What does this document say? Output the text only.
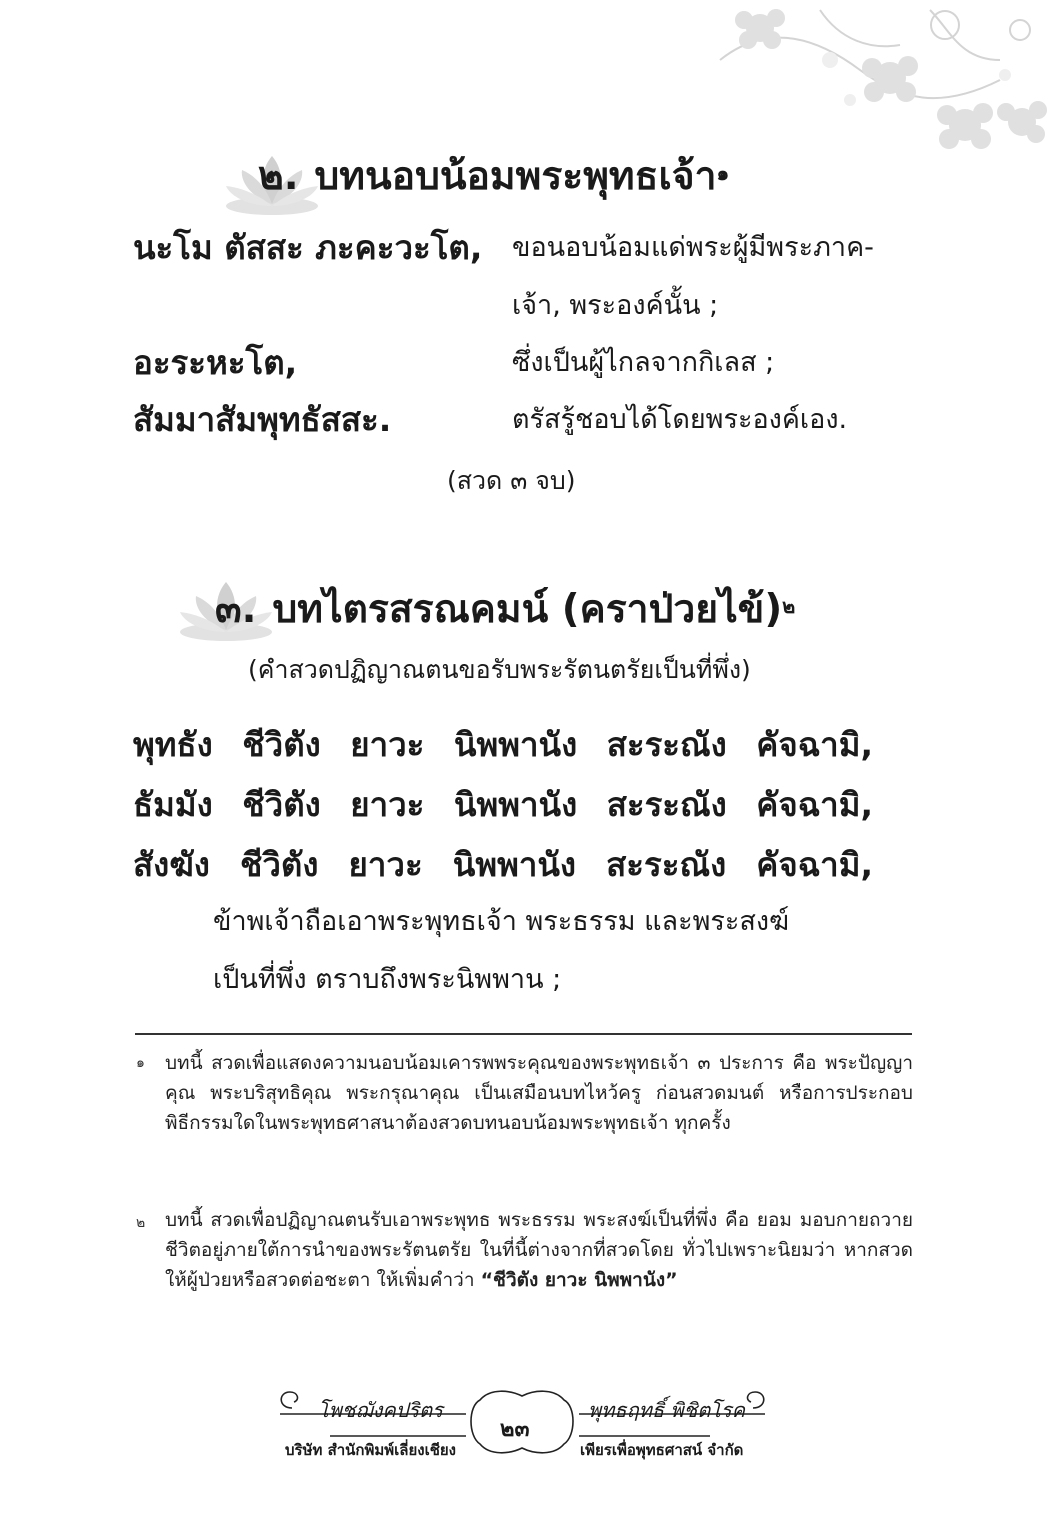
๒. บทนอบน้อมพระพุทธเจ้า$^๑$
นะโม ตัสสะ ภะคะวะโต, ขอนอบน้อมแด่พระผู้มีพระภาค-
เจ้า, พระองค์นั้น ;
อะระหะโต,	ซึ่งเป็นผู้ไกลจากกิเลส ;
สัมมาสัมพุทธัสสะ.	ตรัสรู้ชอบได้โดยพระองค์เอง.
(สวด ๓ จบ)
๓. บทไตรสรณคมน์ (คราป่วยไข้)$^๒$
(คำสวดปฏิญาณตนขอรับพระรัตนตรัยเป็นที่พึ่ง)
พุทธัง ชีวิตัง ยาวะ นิพพานัง สะระณัง คัจฉามิ,
ธัมมัง ชีวิตัง ยาวะ นิพพานัง สะระณัง คัจฉามิ,
สังฆัง ชีวิตัง ยาวะ นิพพานัง สะระณัง คัจฉามิ,
ข้าพเจ้าถือเอาพระพุทธเจ้า พระธรรม และพระสงฆ์
เป็นที่พึ่ง ตราบถึงพระนิพพาน ;
๑ บทนี้ สวดเพื่อแสดงความนอบน้อมเคารพพระคุณของพระพุทธเจ้า ๓ ประการ คือ พระปัญญาคุณ พระบริสุทธิคุณ พระกรุณาคุณ เป็นเสมือนบทไหว้ครู ก่อนสวดมนต์ หรือการประกอบพิธีกรรมใดในพระพุทธศาสนาต้องสวดบทนอบน้อมพระพุทธเจ้า ทุกครั้ง
๒ บทนี้ สวดเพื่อปฏิญาณตนรับเอาพระพุทธ พระธรรม พระสงฆ์เป็นที่พึ่ง คือ ยอม มอบกายถวายชีวิตอยู่ภายใต้การนำของพระรัตนตรัย ในที่นี้ต่างจากที่สวดโดย ทั่วไปเพราะนิยมว่า หากสวดให้ผู้ป่วยหรือสวดต่อชะตา ให้เพิ่มคำว่า “ชีวิตัง ยาวะ นิพพานัง”
โพชฌังคปริตร	พุทธฤทธิ์ พิชิตโรค
๒๓
บริษัท สำนักพิมพ์เลี่ยงเชียง	เพียรเพื่อพุทธศาสน์ จำกัด
